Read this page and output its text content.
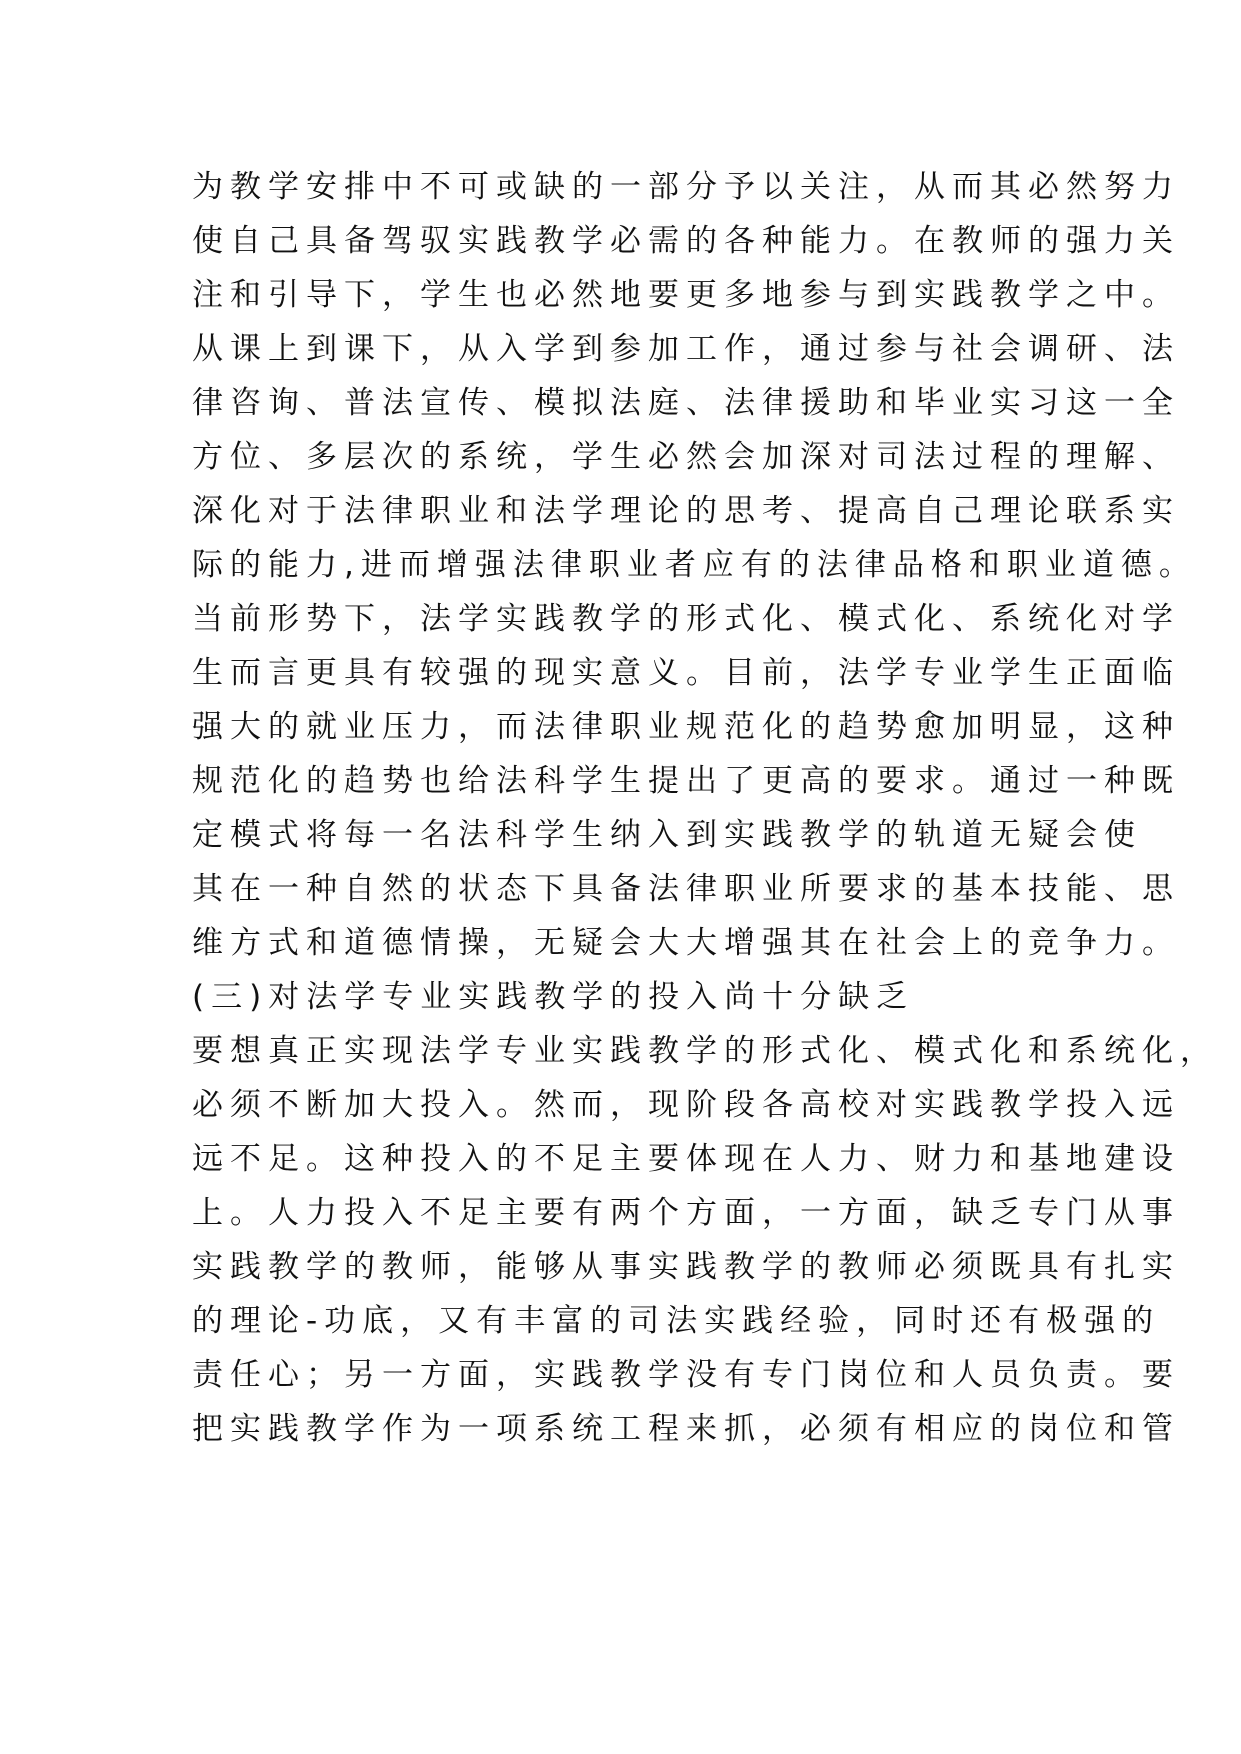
为教学安排中不可或缺的一部分予以关注，从而其必然努力
使自己具备驾驭实践教学必需的各种能力。在教师的强力关
注和引导下，学生也必然地要更多地参与到实践教学之中。
从课上到课下，从入学到参加工作，通过参与社会调研、法
律咨询、普法宣传、模拟法庭、法律援助和毕业实习这一全
方位、多层次的系统，学生必然会加深对司法过程的理解、
深化对于法律职业和法学理论的思考、提高自己理论联系实
际的能力,进而增强法律职业者应有的法律品格和职业道德。
当前形势下，法学实践教学的形式化、模式化、系统化对学
生而言更具有较强的现实意义。目前，法学专业学生正面临
强大的就业压力，而法律职业规范化的趋势愈加明显，这种
规范化的趋势也给法科学生提出了更高的要求。通过一种既
定模式将每一名法科学生纳入到实践教学的轨道无疑会使
其在一种自然的状态下具备法律职业所要求的基本技能、思
维方式和道德情操，无疑会大大增强其在社会上的竞争力。
(三)对法学专业实践教学的投入尚十分缺乏
要想真正实现法学专业实践教学的形式化、模式化和系统化，
必须不断加大投入。然而，现阶段各高校对实践教学投入远
远不足。这种投入的不足主要体现在人力、财力和基地建设
上。人力投入不足主要有两个方面，一方面，缺乏专门从事
实践教学的教师，能够从事实践教学的教师必须既具有扎实
的理论-功底，又有丰富的司法实践经验，同时还有极强的
责任心；另一方面，实践教学没有专门岗位和人员负责。要
把实践教学作为一项系统工程来抓，必须有相应的岗位和管
